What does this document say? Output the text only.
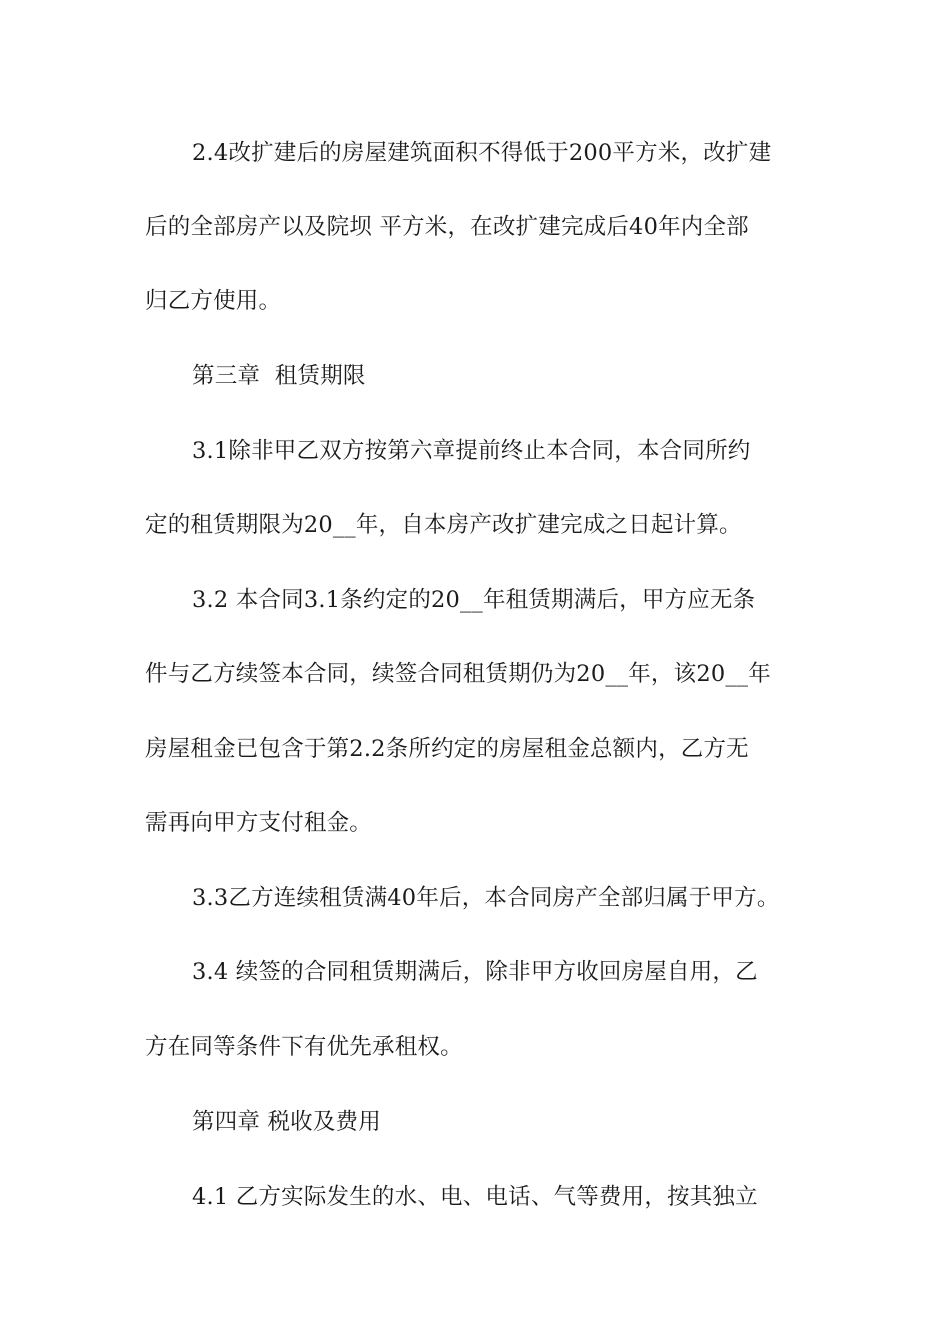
2.4改扩建后的房屋建筑面积不得低于200平方米，改扩建
后的全部房产以及院坝 平方米，在改扩建完成后40年内全部
归乙方使用。
第三章  租赁期限
3.1除非甲乙双方按第六章提前终止本合同，本合同所约
定的租赁期限为20__年，自本房产改扩建完成之日起计算。
3.2 本合同3.1条约定的20__年租赁期满后，甲方应无条
件与乙方续签本合同，续签合同租赁期仍为20__年，该20__年
房屋租金已包含于第2.2条所约定的房屋租金总额内，乙方无
需再向甲方支付租金。
3.3乙方连续租赁满40年后，本合同房产全部归属于甲方。
3.4 续签的合同租赁期满后，除非甲方收回房屋自用，乙
方在同等条件下有优先承租权。
第四章 税收及费用
4.1 乙方实际发生的水、电、电话、气等费用，按其独立
